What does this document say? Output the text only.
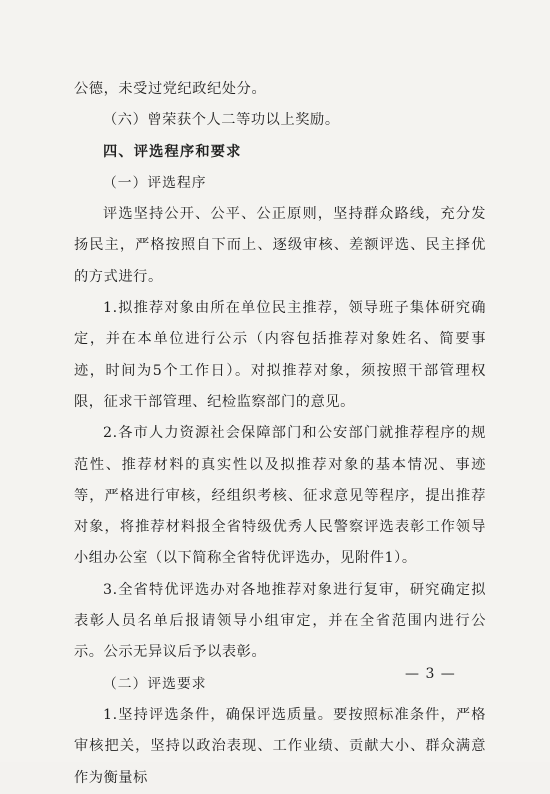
公德，未受过党纪政纪处分。

（六）曾荣获个人二等功以上奖励。

四、评选程序和要求

（一）评选程序

评选坚持公开、公平、公正原则，坚持群众路线，充分发扬民主，严格按照自下而上、逐级审核、差额评选、民主择优的方式进行。

1.拟推荐对象由所在单位民主推荐，领导班子集体研究确定，并在本单位进行公示（内容包括推荐对象姓名、简要事迹，时间为5个工作日）。对拟推荐对象，须按照干部管理权限，征求干部管理、纪检监察部门的意见。

2.各市人力资源社会保障部门和公安部门就推荐程序的规范性、推荐材料的真实性以及拟推荐对象的基本情况、事迹等，严格进行审核，经组织考核、征求意见等程序，提出推荐对象，将推荐材料报全省特级优秀人民警察评选表彰工作领导小组办公室（以下简称全省特优评选办，见附件1）。

3.全省特优评选办对各地推荐对象进行复审，研究确定拟表彰人员名单后报请领导小组审定，并在全省范围内进行公示。公示无异议后予以表彰。

（二）评选要求

1.坚持评选条件，确保评选质量。要按照标准条件，严格审核把关，坚持以政治表现、工作业绩、贡献大小、群众满意作为衡量标

— 3 —
